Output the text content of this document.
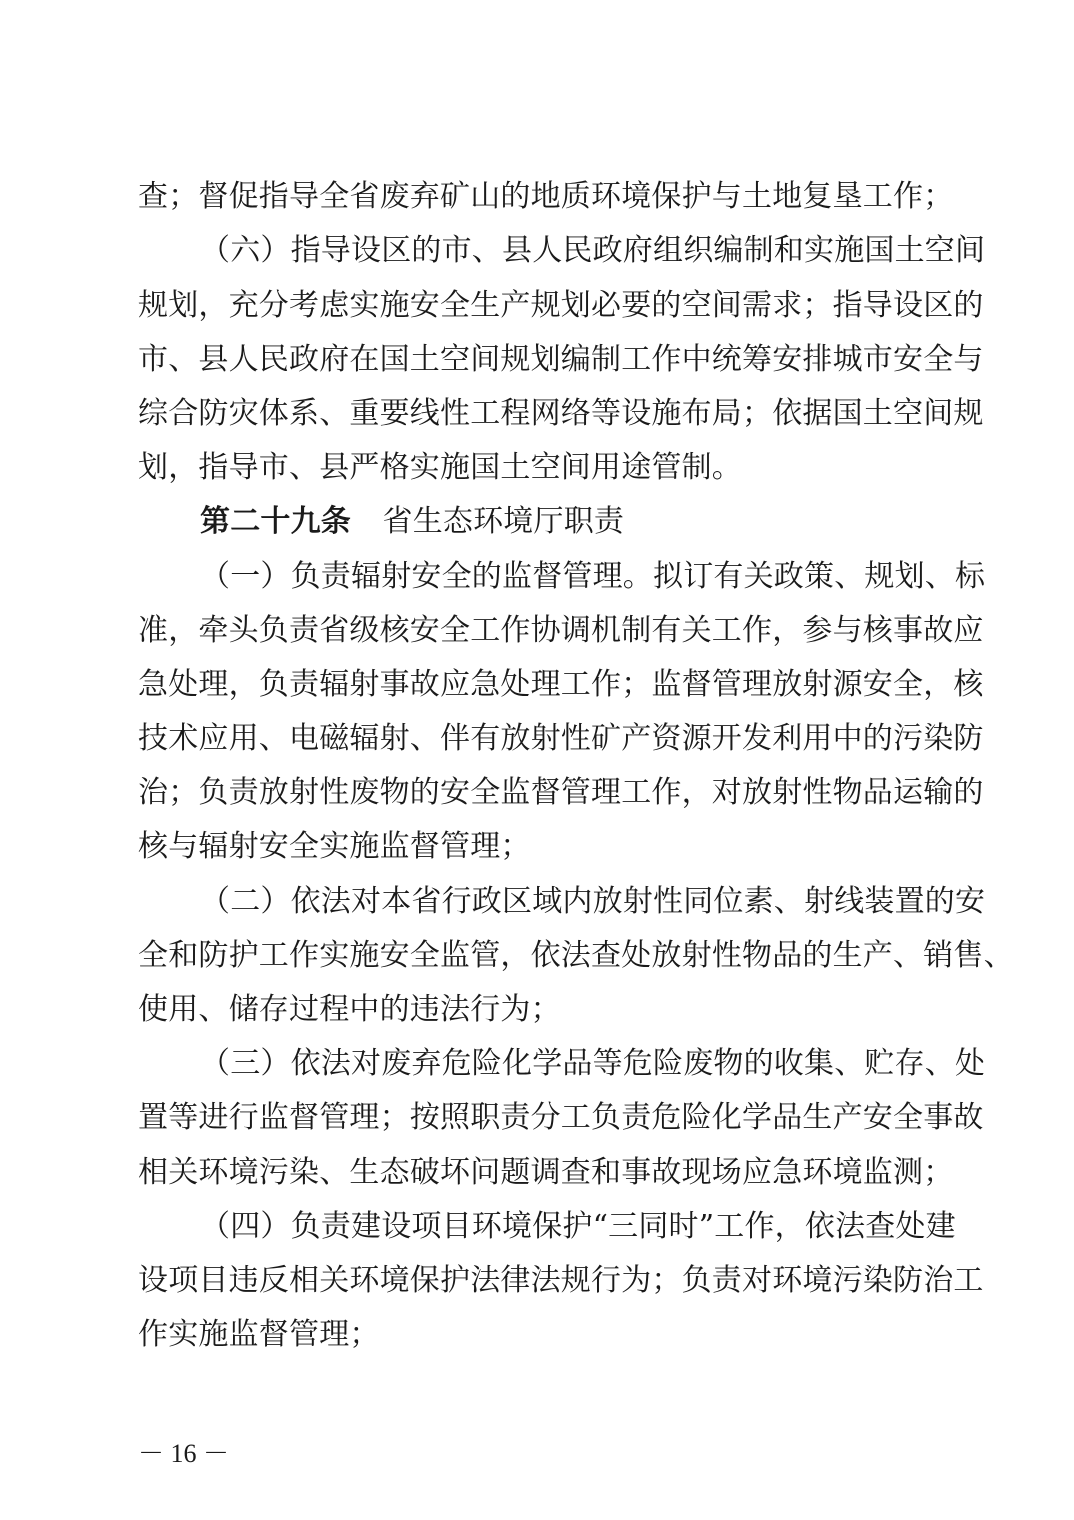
查；督促指导全省废弃矿山的地质环境保护与土地复垦工作；
（六）指导设区的市、县人民政府组织编制和实施国土空间
规划，充分考虑实施安全生产规划必要的空间需求；指导设区的
市、县人民政府在国土空间规划编制工作中统筹安排城市安全与
综合防灾体系、重要线性工程网络等设施布局；依据国土空间规
划，指导市、县严格实施国土空间用途管制。
第二十九条 省生态环境厅职责
（一）负责辐射安全的监督管理。拟订有关政策、规划、标
准，牵头负责省级核安全工作协调机制有关工作，参与核事故应
急处理，负责辐射事故应急处理工作；监督管理放射源安全，核
技术应用、电磁辐射、伴有放射性矿产资源开发利用中的污染防
治；负责放射性废物的安全监督管理工作，对放射性物品运输的
核与辐射安全实施监督管理；
（二）依法对本省行政区域内放射性同位素、射线装置的安
全和防护工作实施安全监管，依法查处放射性物品的生产、销售、
使用、储存过程中的违法行为；
（三）依法对废弃危险化学品等危险废物的收集、贮存、处
置等进行监督管理；按照职责分工负责危险化学品生产安全事故
相关环境污染、生态破坏问题调查和事故现场应急环境监测；
（四）负责建设项目环境保护“三同时”工作，依法查处建
设项目违反相关环境保护法律法规行为；负责对环境污染防治工
作实施监督管理；
－ 16 －
